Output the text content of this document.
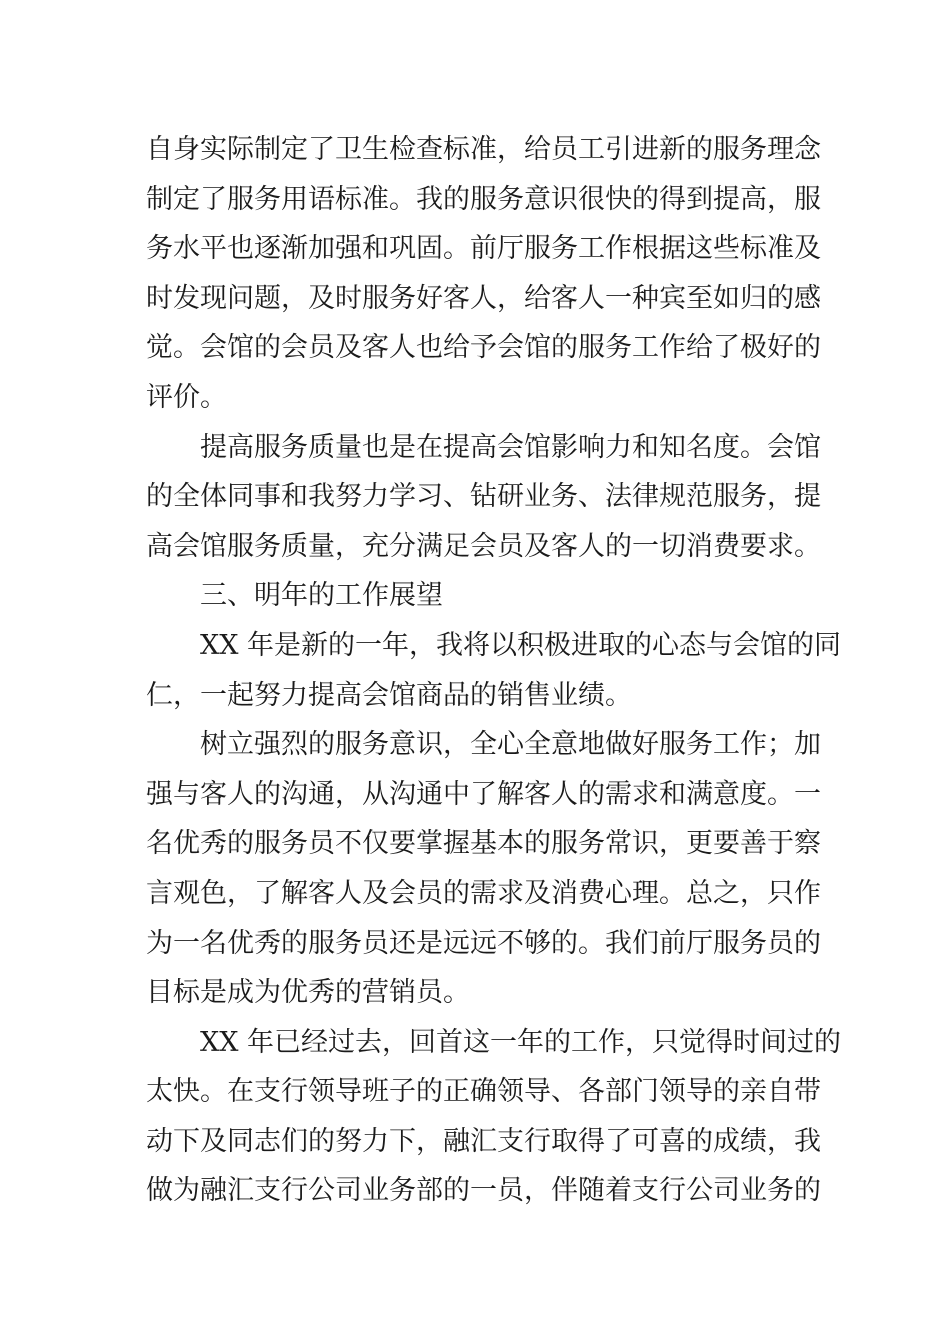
自身实际制定了卫生检查标准，给员工引进新的服务理念
制定了服务用语标准。我的服务意识很快的得到提高，服
务水平也逐渐加强和巩固。前厅服务工作根据这些标准及
时发现问题，及时服务好客人，给客人一种宾至如归的感
觉。会馆的会员及客人也给予会馆的服务工作给了极好的
评价。
提高服务质量也是在提高会馆影响力和知名度。会馆
的全体同事和我努力学习、钻研业务、法律规范服务，提
高会馆服务质量，充分满足会员及客人的一切消费要求。
三、明年的工作展望
XX 年是新的一年，我将以积极进取的心态与会馆的同
仁，一起努力提高会馆商品的销售业绩。
树立强烈的服务意识，全心全意地做好服务工作；加
强与客人的沟通，从沟通中了解客人的需求和满意度。一
名优秀的服务员不仅要掌握基本的服务常识，更要善于察
言观色，了解客人及会员的需求及消费心理。总之，只作
为一名优秀的服务员还是远远不够的。我们前厅服务员的
目标是成为优秀的营销员。
XX 年已经过去，回首这一年的工作，只觉得时间过的
太快。在支行领导班子的正确领导、各部门领导的亲自带
动下及同志们的努力下，融汇支行取得了可喜的成绩，我
做为融汇支行公司业务部的一员，伴随着支行公司业务的
